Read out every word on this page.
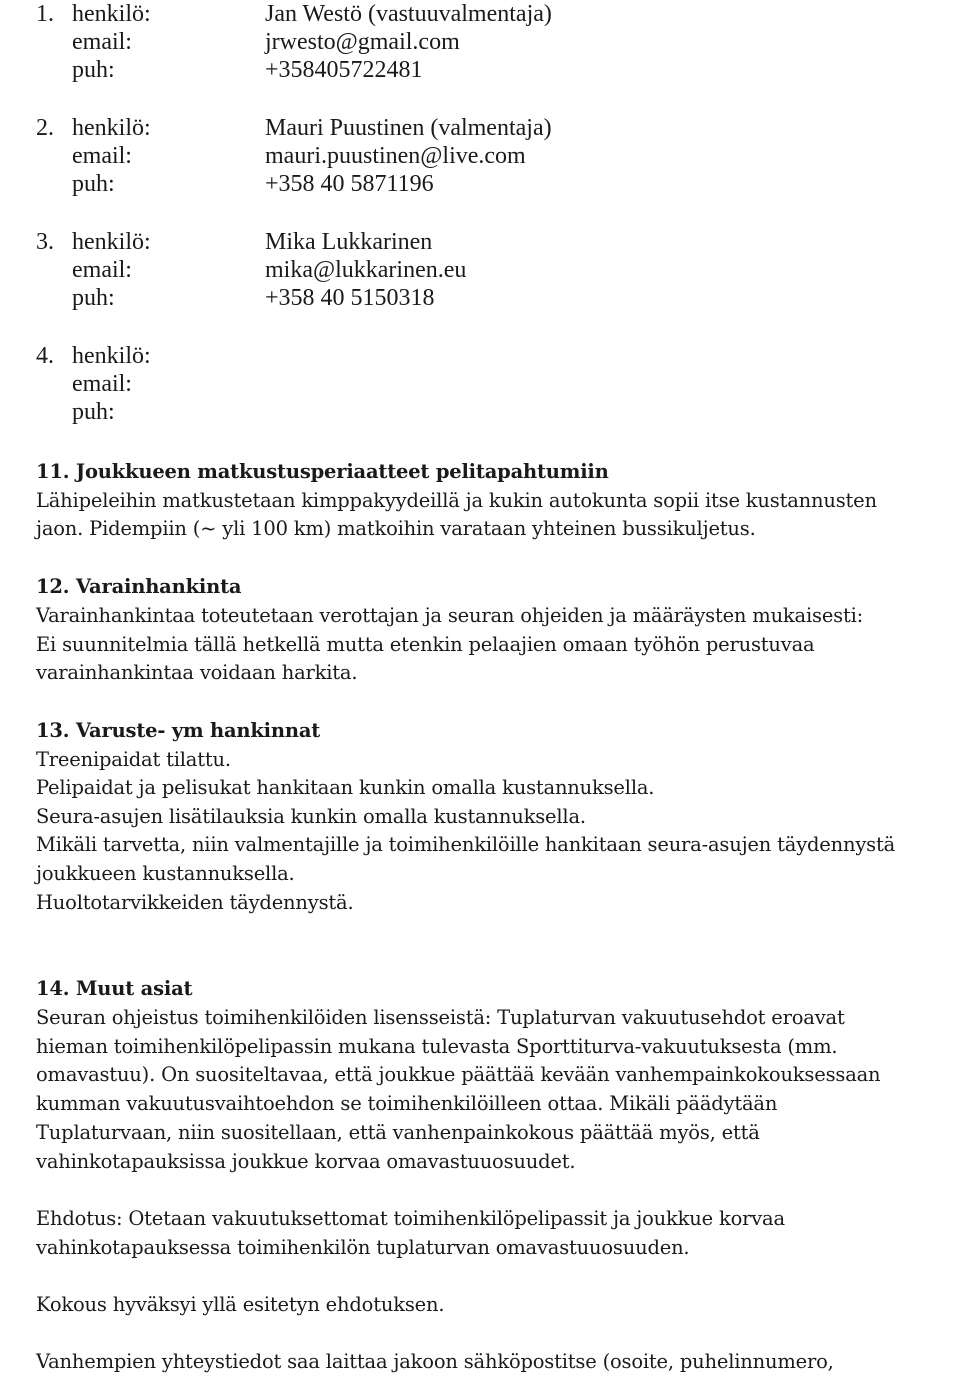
1. henkilö:	Jan Westö (vastuuvalmentaja)
email:	jrwesto@gmail.com
puh:	+358405722481
2. henkilö:	Mauri Puustinen (valmentaja)
email:	mauri.puustinen@live.com
puh:	+358 40 5871196
3. henkilö:	Mika Lukkarinen
email:	mika@lukkarinen.eu
puh:	+358 40 5150318
4. henkilö:
email:
puh:
11. Joukkueen matkustusperiaatteet pelitapahtumiin
Lähipeleihin matkustetaan kimppakyydeillä ja kukin autokunta sopii itse kustannusten
jaon. Pidempiin (~ yli 100 km) matkoihin varataan yhteinen bussikuljetus.
12. Varainhankinta
Varainhankintaa toteutetaan verottajan ja seuran ohjeiden ja määräysten mukaisesti:
Ei suunnitelmia tällä hetkellä mutta etenkin pelaajien omaan työhön perustuvaa
varainhankintaa voidaan harkita.
13. Varuste- ym hankinnat
Treenipaidat tilattu.
Pelipaidat ja pelisukat hankitaan kunkin omalla kustannuksella.
Seura-asujen lisätilauksia kunkin omalla kustannuksella.
Mikäli tarvetta, niin valmentajille ja toimihenkilöille hankitaan seura-asujen täydennystä
joukkueen kustannuksella.
Huoltotarvikkeiden täydennystä.
14. Muut asiat
Seuran ohjeistus toimihenkilöiden lisensseistä: Tuplaturvan vakuutusehdot eroavat
hieman toimihenkilöpelipassin mukana tulevasta Sporttiturva-vakuutuksesta (mm.
omavastuu). On suositeltavaa, että joukkue päättää kevään vanhempainkokouksessaan
kumman vakuutusvaihtoehdon se toimihenkilöilleen ottaa. Mikäli päädytään
Tuplaturvaan, niin suositellaan, että vanhenpainkokous päättää myös, että
vahinkotapauksissa joukkue korvaa omavastuuosuudet.
Ehdotus: Otetaan vakuutuksettomat toimihenkilöpelipassit ja joukkue korvaa
vahinkotapauksessa toimihenkilön tuplaturvan omavastuuosuuden.
Kokous hyväksyi yllä esitetyn ehdotuksen.
Vanhempien yhteystiedot saa laittaa jakoon sähköpostitse (osoite, puhelinnumero,
